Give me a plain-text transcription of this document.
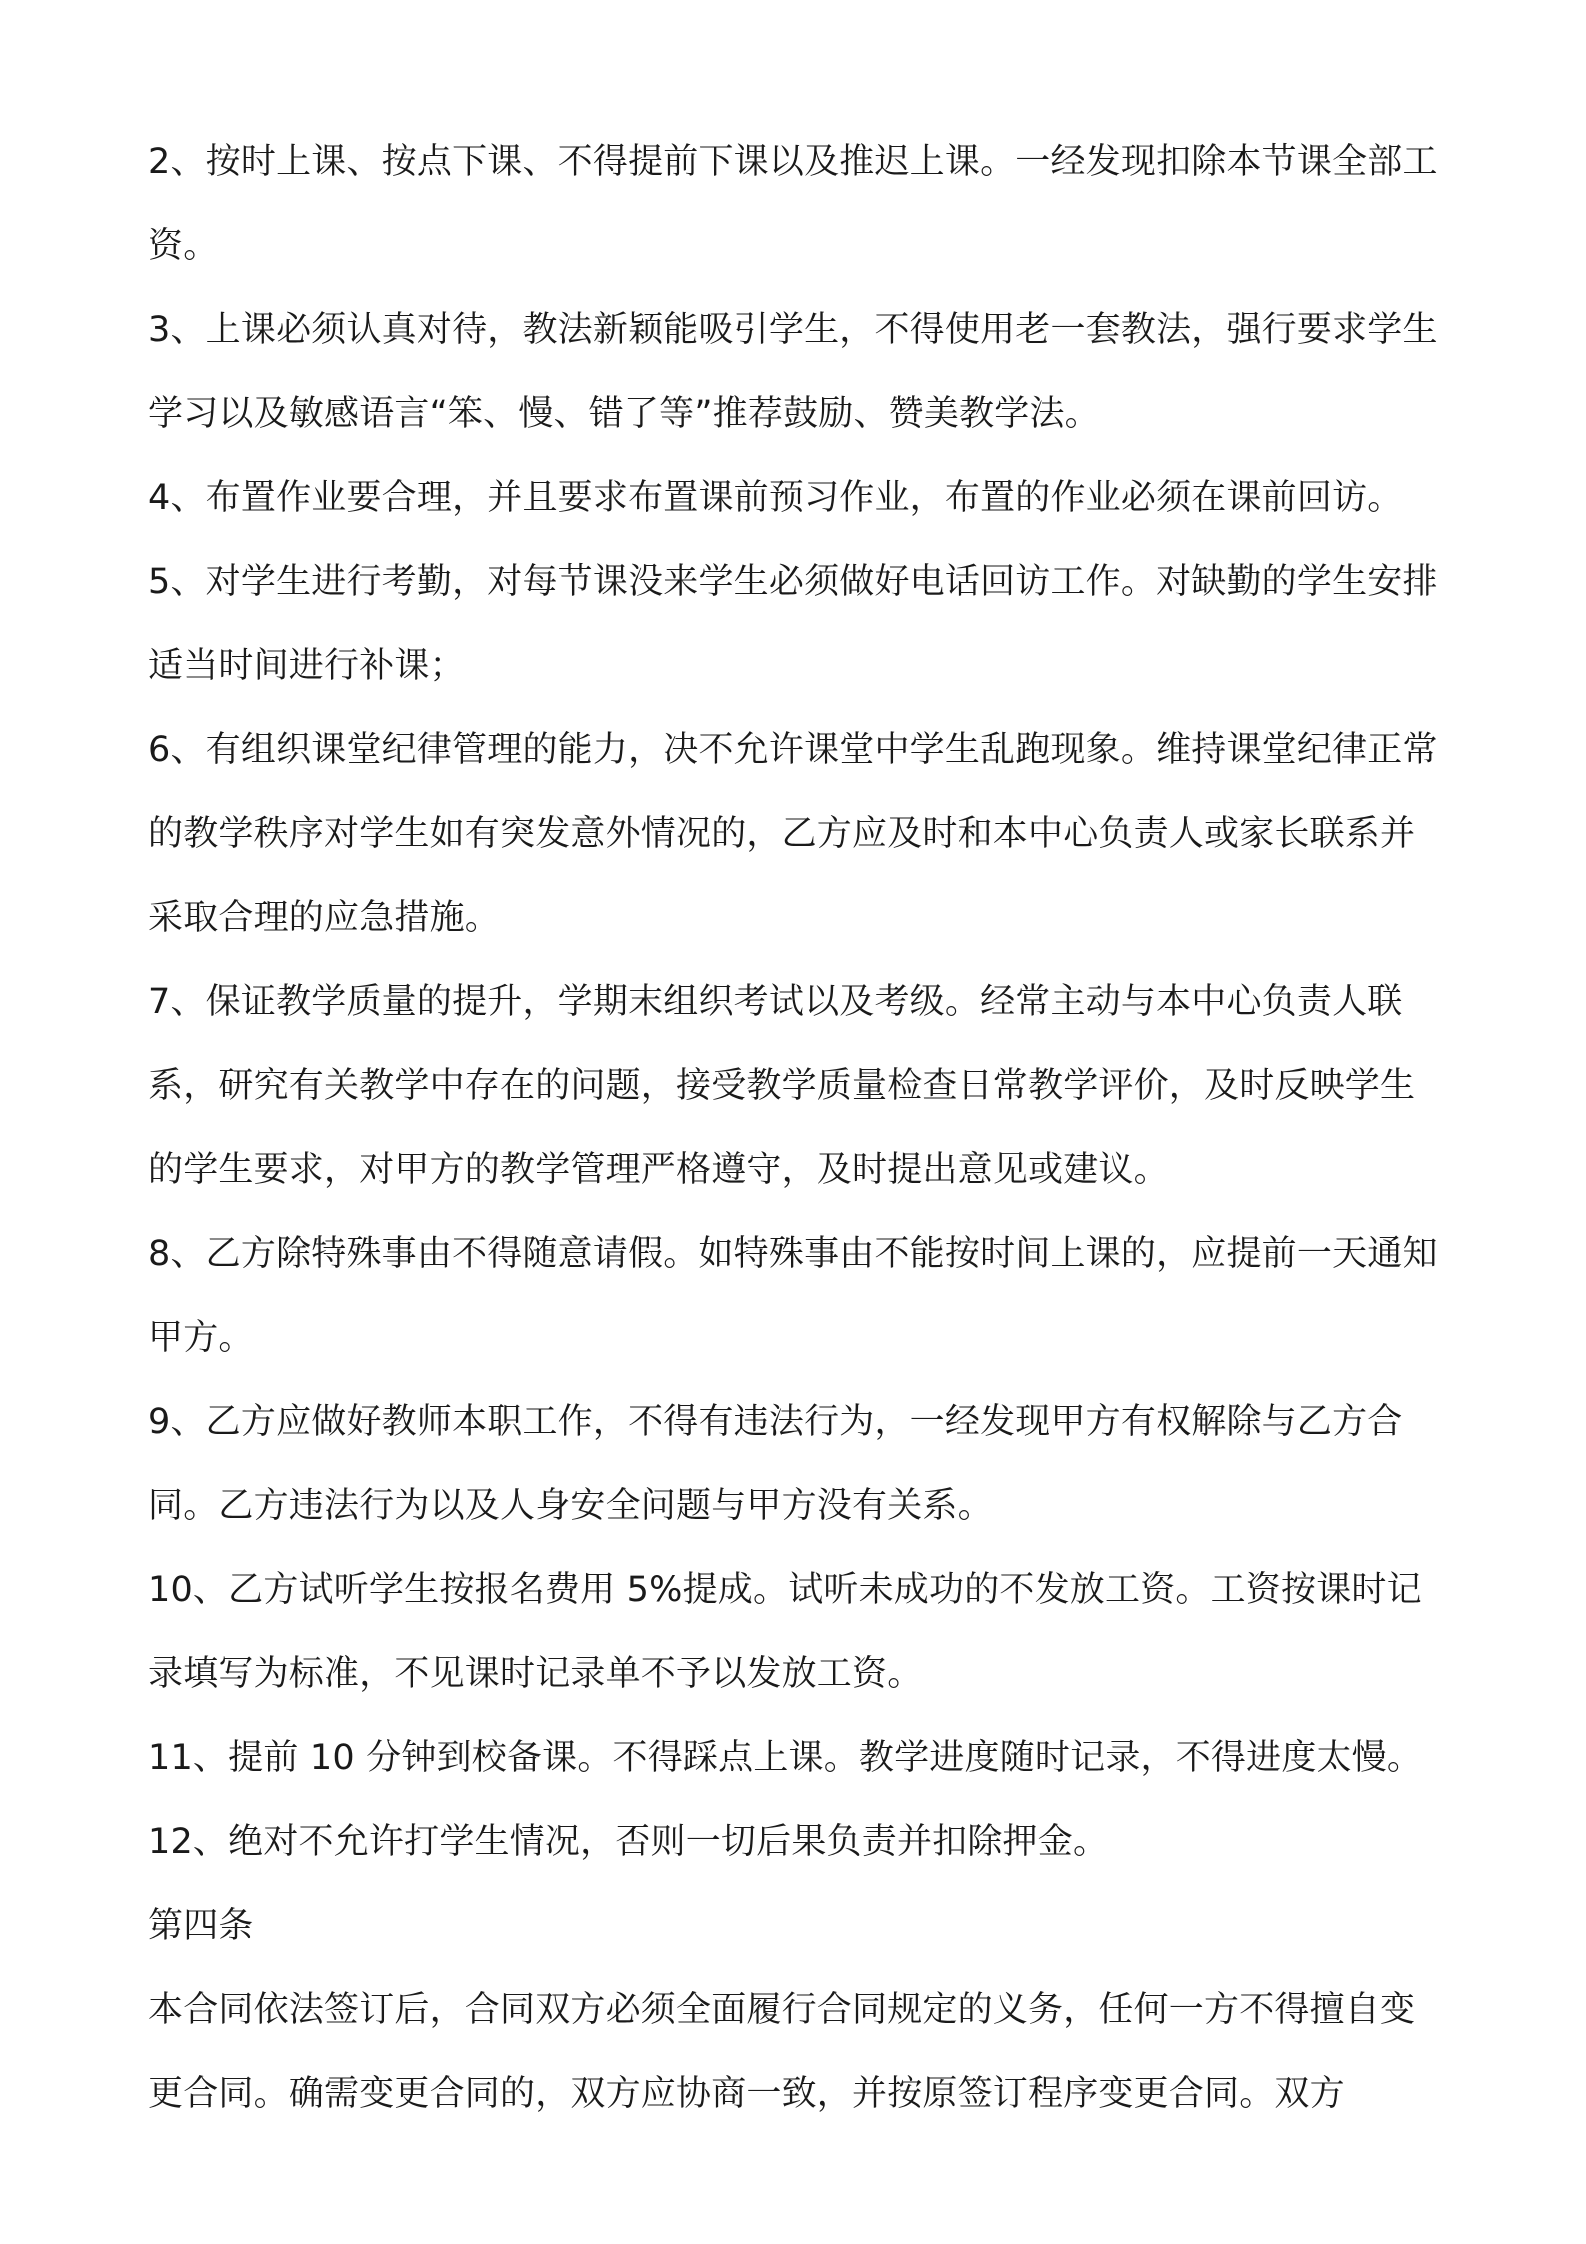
2、按时上课、按点下课、不得提前下课以及推迟上课。一经发现扣除本节课全部工资。

3、上课必须认真对待，教法新颖能吸引学生，不得使用老一套教法，强行要求学生学习以及敏感语言“笨、慢、错了等”推荐鼓励、赞美教学法。

4、布置作业要合理，并且要求布置课前预习作业，布置的作业必须在课前回访。

5、对学生进行考勤，对每节课没来学生必须做好电话回访工作。对缺勤的学生安排适当时间进行补课；

6、有组织课堂纪律管理的能力，决不允许课堂中学生乱跑现象。维持课堂纪律正常的教学秩序对学生如有突发意外情况的，乙方应及时和本中心负责人或家长联系并采取合理的应急措施。

7、保证教学质量的提升，学期末组织考试以及考级。经常主动与本中心负责人联系，研究有关教学中存在的问题，接受教学质量检查日常教学评价，及时反映学生的学生要求，对甲方的教学管理严格遵守，及时提出意见或建议。

8、乙方除特殊事由不得随意请假。如特殊事由不能按时间上课的，应提前一天通知甲方。

9、乙方应做好教师本职工作，不得有违法行为，一经发现甲方有权解除与乙方合同。乙方违法行为以及人身安全问题与甲方没有关系。

10、乙方试听学生按报名费用 5%提成。试听未成功的不发放工资。工资按课时记录填写为标准，不见课时记录单不予以发放工资。

11、提前 10 分钟到校备课。不得踩点上课。教学进度随时记录，不得进度太慢。

12、绝对不允许打学生情况，否则一切后果负责并扣除押金。

第四条

本合同依法签订后，合同双方必须全面履行合同规定的义务，任何一方不得擅自变更合同。确需变更合同的，双方应协商一致，并按原签订程序变更合同。双方
